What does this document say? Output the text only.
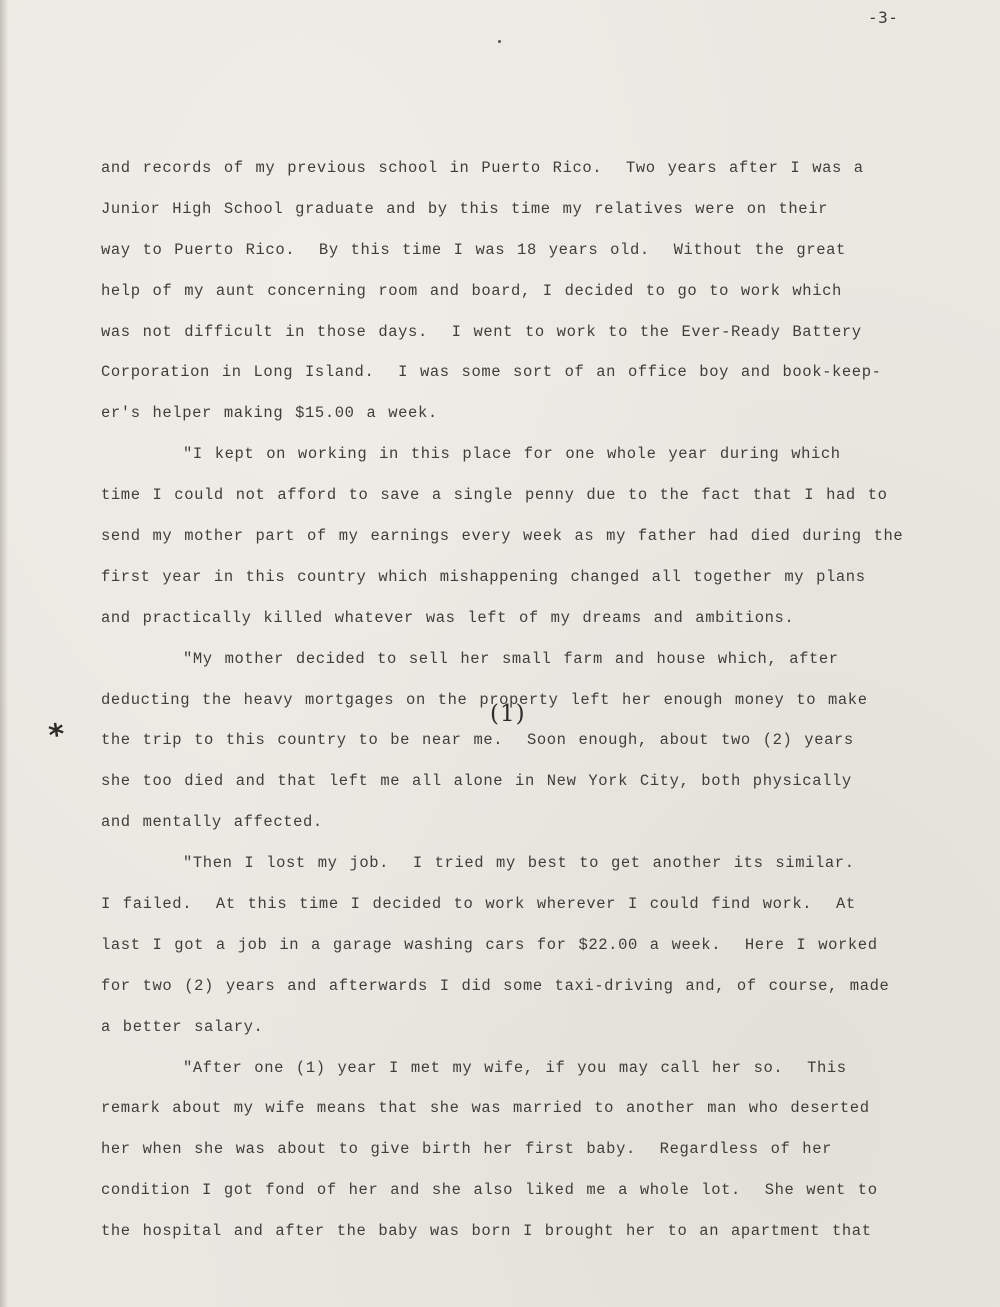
-3-
*
(1)
and records of my previous school in Puerto Rico.  Two years after I was a
Junior High School graduate and by this time my relatives were on their
way to Puerto Rico.  By this time I was 18 years old.  Without the great
help of my aunt concerning room and board, I decided to go to work which
was not difficult in those days.  I went to work to the Ever-Ready Battery
Corporation in Long Island.  I was some sort of an office boy and book-keep-
er's helper making $15.00 a week.
"I kept on working in this place for one whole year during which
time I could not afford to save a single penny due to the fact that I had to
send my mother part of my earnings every week as my father had died during the
first year in this country which mishappening changed all together my plans
and practically killed whatever was left of my dreams and ambitions.
"My mother decided to sell her small farm and house which, after
deducting the heavy mortgages on the property left her enough money to make
the trip to this country to be near me.  Soon enough, about two (2) years
she too died and that left me all alone in New York City, both physically
and mentally affected.
"Then I lost my job.  I tried my best to get another its similar.
I failed.  At this time I decided to work wherever I could find work.  At
last I got a job in a garage washing cars for $22.00 a week.  Here I worked
for two (2) years and afterwards I did some taxi-driving and, of course, made
a better salary.
"After one (1) year I met my wife, if you may call her so.  This
remark about my wife means that she was married to another man who deserted
her when she was about to give birth her first baby.  Regardless of her
condition I got fond of her and she also liked me a whole lot.  She went to
the hospital and after the baby was born I brought her to an apartment that
